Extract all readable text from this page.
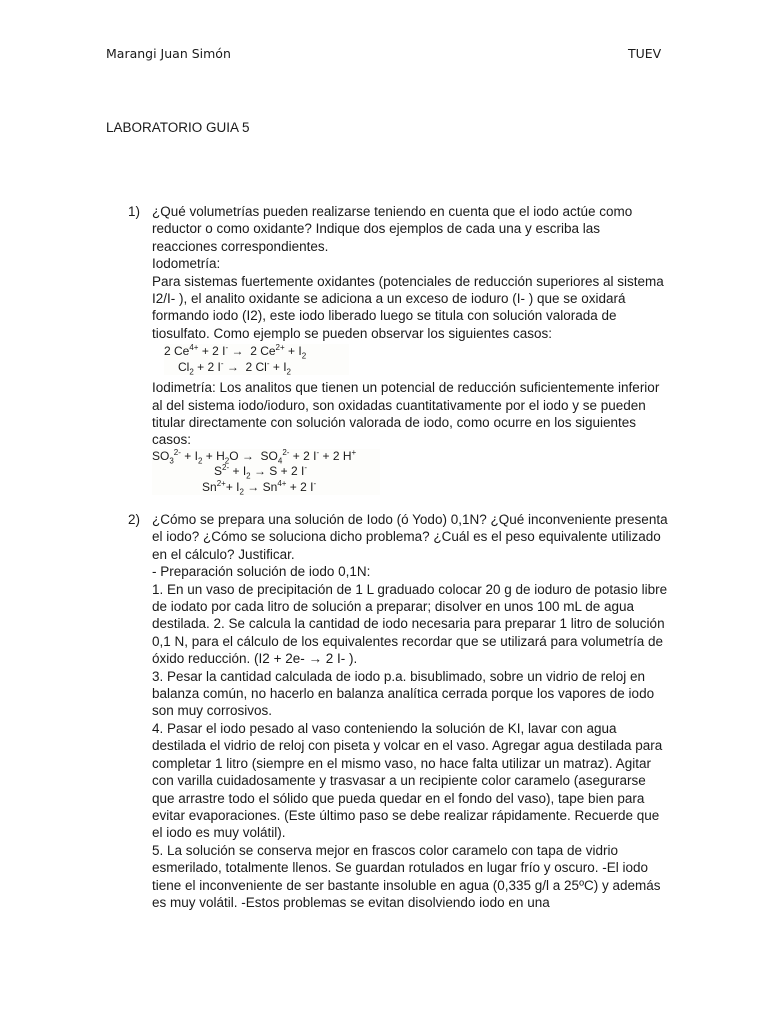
Marangi Juan Simón	TUEV
LABORATORIO GUIA 5
1) ¿Qué volumetrías pueden realizarse teniendo en cuenta que el iodo actúe como reductor o como oxidante? Indique dos ejemplos de cada una y escriba las reacciones correspondientes.

Iodometría:

Para sistemas fuertemente oxidantes (potenciales de reducción superiores al sistema I2/I- ), el analito oxidante se adiciona a un exceso de ioduro (I- ) que se oxidará formando iodo (I2), este iodo liberado luego se titula con solución valorada de tiosulfato. Como ejemplo se pueden observar los siguientes casos:

2 $Ce^{4+} + 2$ I- →  2 $Ce^{2+} + I_2$
$Cl_2 + 2$ I- →  2 $Cl^- + I_2$

Iodimetría: Los analitos que tienen un potencial de reducción suficientemente inferior al del sistema iodo/ioduro, son oxidadas cuantitativamente por el iodo y se pueden titular directamente con solución valorada de iodo, como ocurre en los siguientes casos:

$SO_3^{2-} + I_2 + H_2O \to SO_4^{2-} + 2$ I- + 2 H+
$S^{2-} + I_2 \to S + 2$ I-
$Sn^{2+}+ I_2 \to Sn^{4+} + 2$ I-
2) ¿Cómo se prepara una solución de Iodo (ó Yodo) 0,1N? ¿Qué inconveniente presenta el iodo? ¿Cómo se soluciona dicho problema? ¿Cuál es el peso equivalente utilizado en el cálculo? Justificar.

- Preparación solución de iodo 0,1N:

1. En un vaso de precipitación de 1 L graduado colocar 20 g de ioduro de potasio libre de iodato por cada litro de solución a preparar; disolver en unos 100 mL de agua destilada. 2. Se calcula la cantidad de iodo necesaria para preparar 1 litro de solución 0,1 N, para el cálculo de los equivalentes recordar que se utilizará para volumetría de óxido reducción. (I2 + 2e- → 2 I- ).

3. Pesar la cantidad calculada de iodo p.a. bisublimado, sobre un vidrio de reloj en balanza común, no hacerlo en balanza analítica cerrada porque los vapores de iodo son muy corrosivos.

4. Pasar el iodo pesado al vaso conteniendo la solución de KI, lavar con agua destilada el vidrio de reloj con piseta y volcar en el vaso. Agregar agua destilada para completar 1 litro (siempre en el mismo vaso, no hace falta utilizar un matraz). Agitar con varilla cuidadosamente y trasvasar a un recipiente color caramelo (asegurarse que arrastre todo el sólido que pueda quedar en el fondo del vaso), tape bien para evitar evaporaciones. (Este último paso se debe realizar rápidamente. Recuerde que el iodo es muy volátil).

5. La solución se conserva mejor en frascos color caramelo con tapa de vidrio esmerilado, totalmente llenos. Se guardan rotulados en lugar frío y oscuro. -El iodo tiene el inconveniente de ser bastante insoluble en agua (0,335 g/l a 25ºC) y además es muy volátil. -Estos problemas se evitan disolviendo iodo en una
